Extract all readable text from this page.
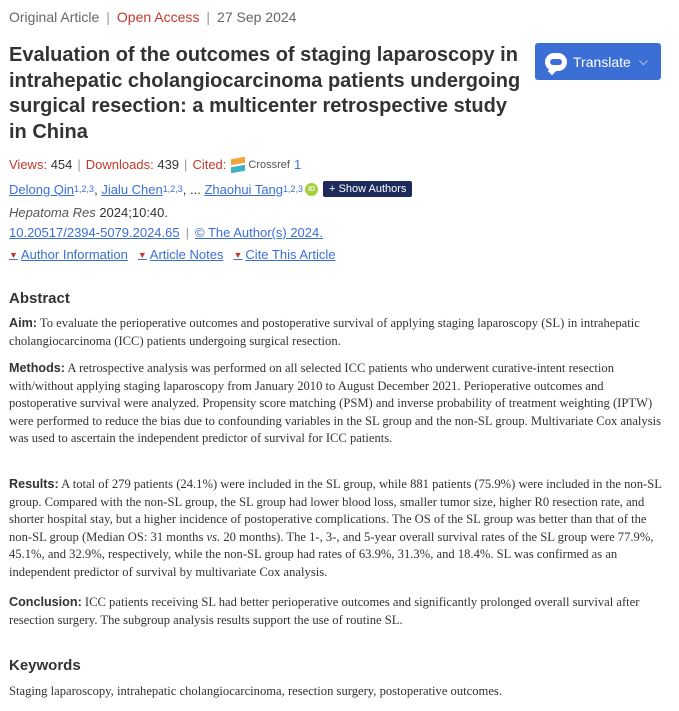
Original Article | Open Access | 27 Sep 2024
Evaluation of the outcomes of staging laparoscopy in intrahepatic cholangiocarcinoma patients undergoing surgical resection: a multicenter retrospective study in China
Translate ⌵
Views:
454 | Downloads:
439 | Cited: Crossref 1
Delong Qin 1,2,3 , Jialu Chen 1,2,3 , ...
Zhaohui Tang 1,2,3 iD	+ Show Authors
Hepatoma Res 2024;10:40.
10.20517/2394-5079.2024.65 | © The Author(s) 2024.
▼ Author Information ▼ Article Notes ▼ Cite This Article
Abstract

Aim: To evaluate the perioperative outcomes and postoperative survival of applying staging laparoscopy (SL) in intrahepatic cholangiocarcinoma (ICC) patients undergoing surgical resection.

Methods: A retrospective analysis was performed on all selected ICC patients who underwent curative-intent resection with/without applying staging laparoscopy from January 2010 to August December 2021. Perioperative outcomes and postoperative survival were analyzed. Propensity score matching (PSM) and inverse probability of treatment weighting (IPTW) were performed to reduce the bias due to confounding variables in the SL group and the non-SL group. Multivariate Cox analysis was used to ascertain the independent predictor of survival for ICC patients.

Results: A total of 279 patients (24.1%) were included in the SL group, while 881 patients (75.9%) were included in the non-SL group. Compared with the non-SL group, the SL group had lower blood loss, smaller tumor size, higher R0 resection rate, and shorter hospital stay, but a higher incidence of postoperative complications. The OS of the SL group was better than that of the non-SL group (Median OS: 31 months vs. 20 months). The 1-, 3-, and 5-year overall survival rates of the SL group were 77.9%, 45.1%, and 32.9%, respectively, while the non-SL group had rates of 63.9%, 31.3%, and 18.4%. SL was confirmed as an independent predictor of survival by multivariate Cox analysis.

Conclusion: ICC patients receiving SL had better perioperative outcomes and significantly prolonged overall survival after resection surgery. The subgroup analysis results support the use of routine SL.

Keywords

Staging laparoscopy, intrahepatic cholangiocarcinoma, resection surgery, postoperative outcomes.
